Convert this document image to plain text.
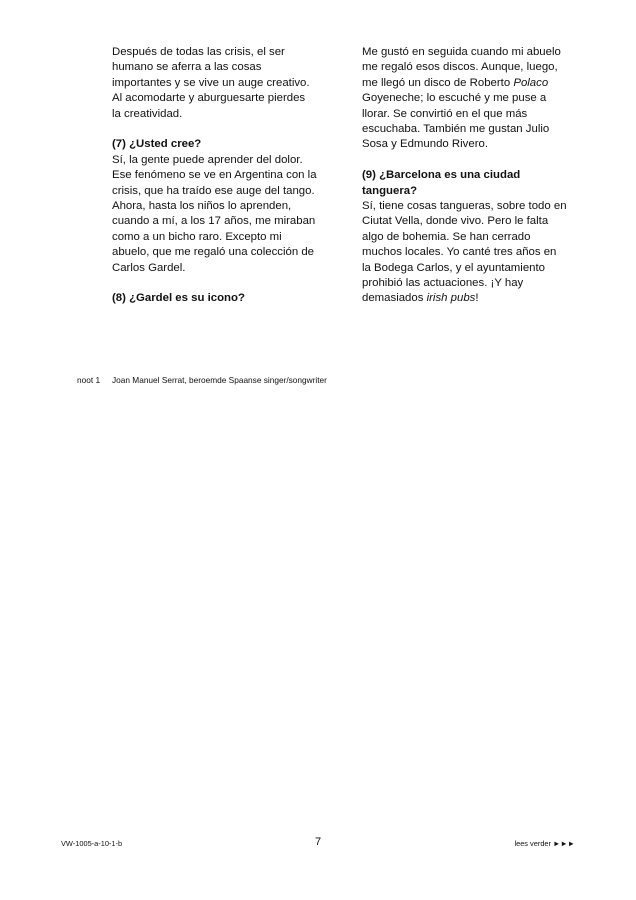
Después de todas las crisis, el ser humano se aferra a las cosas importantes y se vive un auge creativo. Al acomodarte y aburguesarte pierdes la creatividad.

(7) ¿Usted cree?
Sí, la gente puede aprender del dolor. Ese fenómeno se ve en Argentina con la crisis, que ha traído ese auge del tango. Ahora, hasta los niños lo aprenden, cuando a mí, a los 17 años, me miraban como a un bicho raro. Excepto mi abuelo, que me regaló una colección de Carlos Gardel.

(8) ¿Gardel es su icono?

Me gustó en seguida cuando mi abuelo me regaló esos discos. Aunque, luego, me llegó un disco de Roberto Polaco Goyeneche; lo escuché y me puse a llorar. Se convirtió en el que más escuchaba. También me gustan Julio Sosa y Edmundo Rivero.

(9) ¿Barcelona es una ciudad tanguera?
Sí, tiene cosas tangueras, sobre todo en Ciutat Vella, donde vivo. Pero le falta algo de bohemia. Se han cerrado muchos locales. Yo canté tres años en la Bodega Carlos, y el ayuntamiento prohibió las actuaciones. ¡Y hay demasiados irish pubs!

noot 1 Joan Manuel Serrat, beroemde Spaanse singer/songwriter
VW-1005-a-10-1-b	7	lees verder ►►►
